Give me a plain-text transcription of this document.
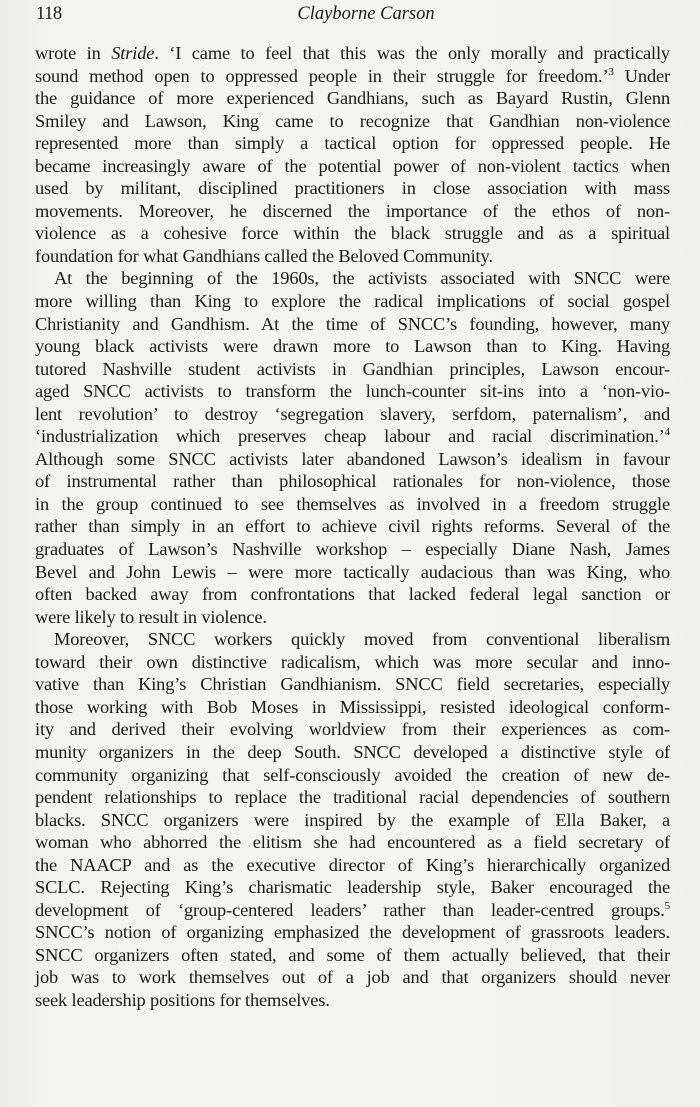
118	Clayborne Carson
wrote in Stride. ‘I came to feel that this was the only morally and practically
sound method open to oppressed people in their struggle for freedom.’$^3$ Under
the guidance of more experienced Gandhians, such as Bayard Rustin, Glenn
Smiley and Lawson, King came to recognize that Gandhian non-violence
represented more than simply a tactical option for oppressed people. He
became increasingly aware of the potential power of non-violent tactics when
used by militant, disciplined practitioners in close association with mass
movements. Moreover, he discerned the importance of the ethos of non-
violence as a cohesive force within the black struggle and as a spiritual
foundation for what Gandhians called the Beloved Community.
At the beginning of the 1960s, the activists associated with SNCC were
more willing than King to explore the radical implications of social gospel
Christianity and Gandhism. At the time of SNCC’s founding, however, many
young black activists were drawn more to Lawson than to King. Having
tutored Nashville student activists in Gandhian principles, Lawson encour-
aged SNCC activists to transform the lunch-counter sit-ins into a ‘non-vio-
lent revolution’ to destroy ‘segregation slavery, serfdom, paternalism’, and
‘industrialization which preserves cheap labour and racial discrimination.’$^4$
Although some SNCC activists later abandoned Lawson’s idealism in favour
of instrumental rather than philosophical rationales for non-violence, those
in the group continued to see themselves as involved in a freedom struggle
rather than simply in an effort to achieve civil rights reforms. Several of the
graduates of Lawson’s Nashville workshop – especially Diane Nash, James
Bevel and John Lewis – were more tactically audacious than was King, who
often backed away from confrontations that lacked federal legal sanction or
were likely to result in violence.
Moreover, SNCC workers quickly moved from conventional liberalism
toward their own distinctive radicalism, which was more secular and inno-
vative than King’s Christian Gandhianism. SNCC field secretaries, especially
those working with Bob Moses in Mississippi, resisted ideological conform-
ity and derived their evolving worldview from their experiences as com-
munity organizers in the deep South. SNCC developed a distinctive style of
community organizing that self-consciously avoided the creation of new de-
pendent relationships to replace the traditional racial dependencies of southern
blacks. SNCC organizers were inspired by the example of Ella Baker, a
woman who abhorred the elitism she had encountered as a field secretary of
the NAACP and as the executive director of King’s hierarchically organized
SCLC. Rejecting King’s charismatic leadership style, Baker encouraged the
development of ‘group-centered leaders’ rather than leader-centred groups.$^5$
SNCC’s notion of organizing emphasized the development of grassroots leaders.
SNCC organizers often stated, and some of them actually believed, that their
job was to work themselves out of a job and that organizers should never
seek leadership positions for themselves.
